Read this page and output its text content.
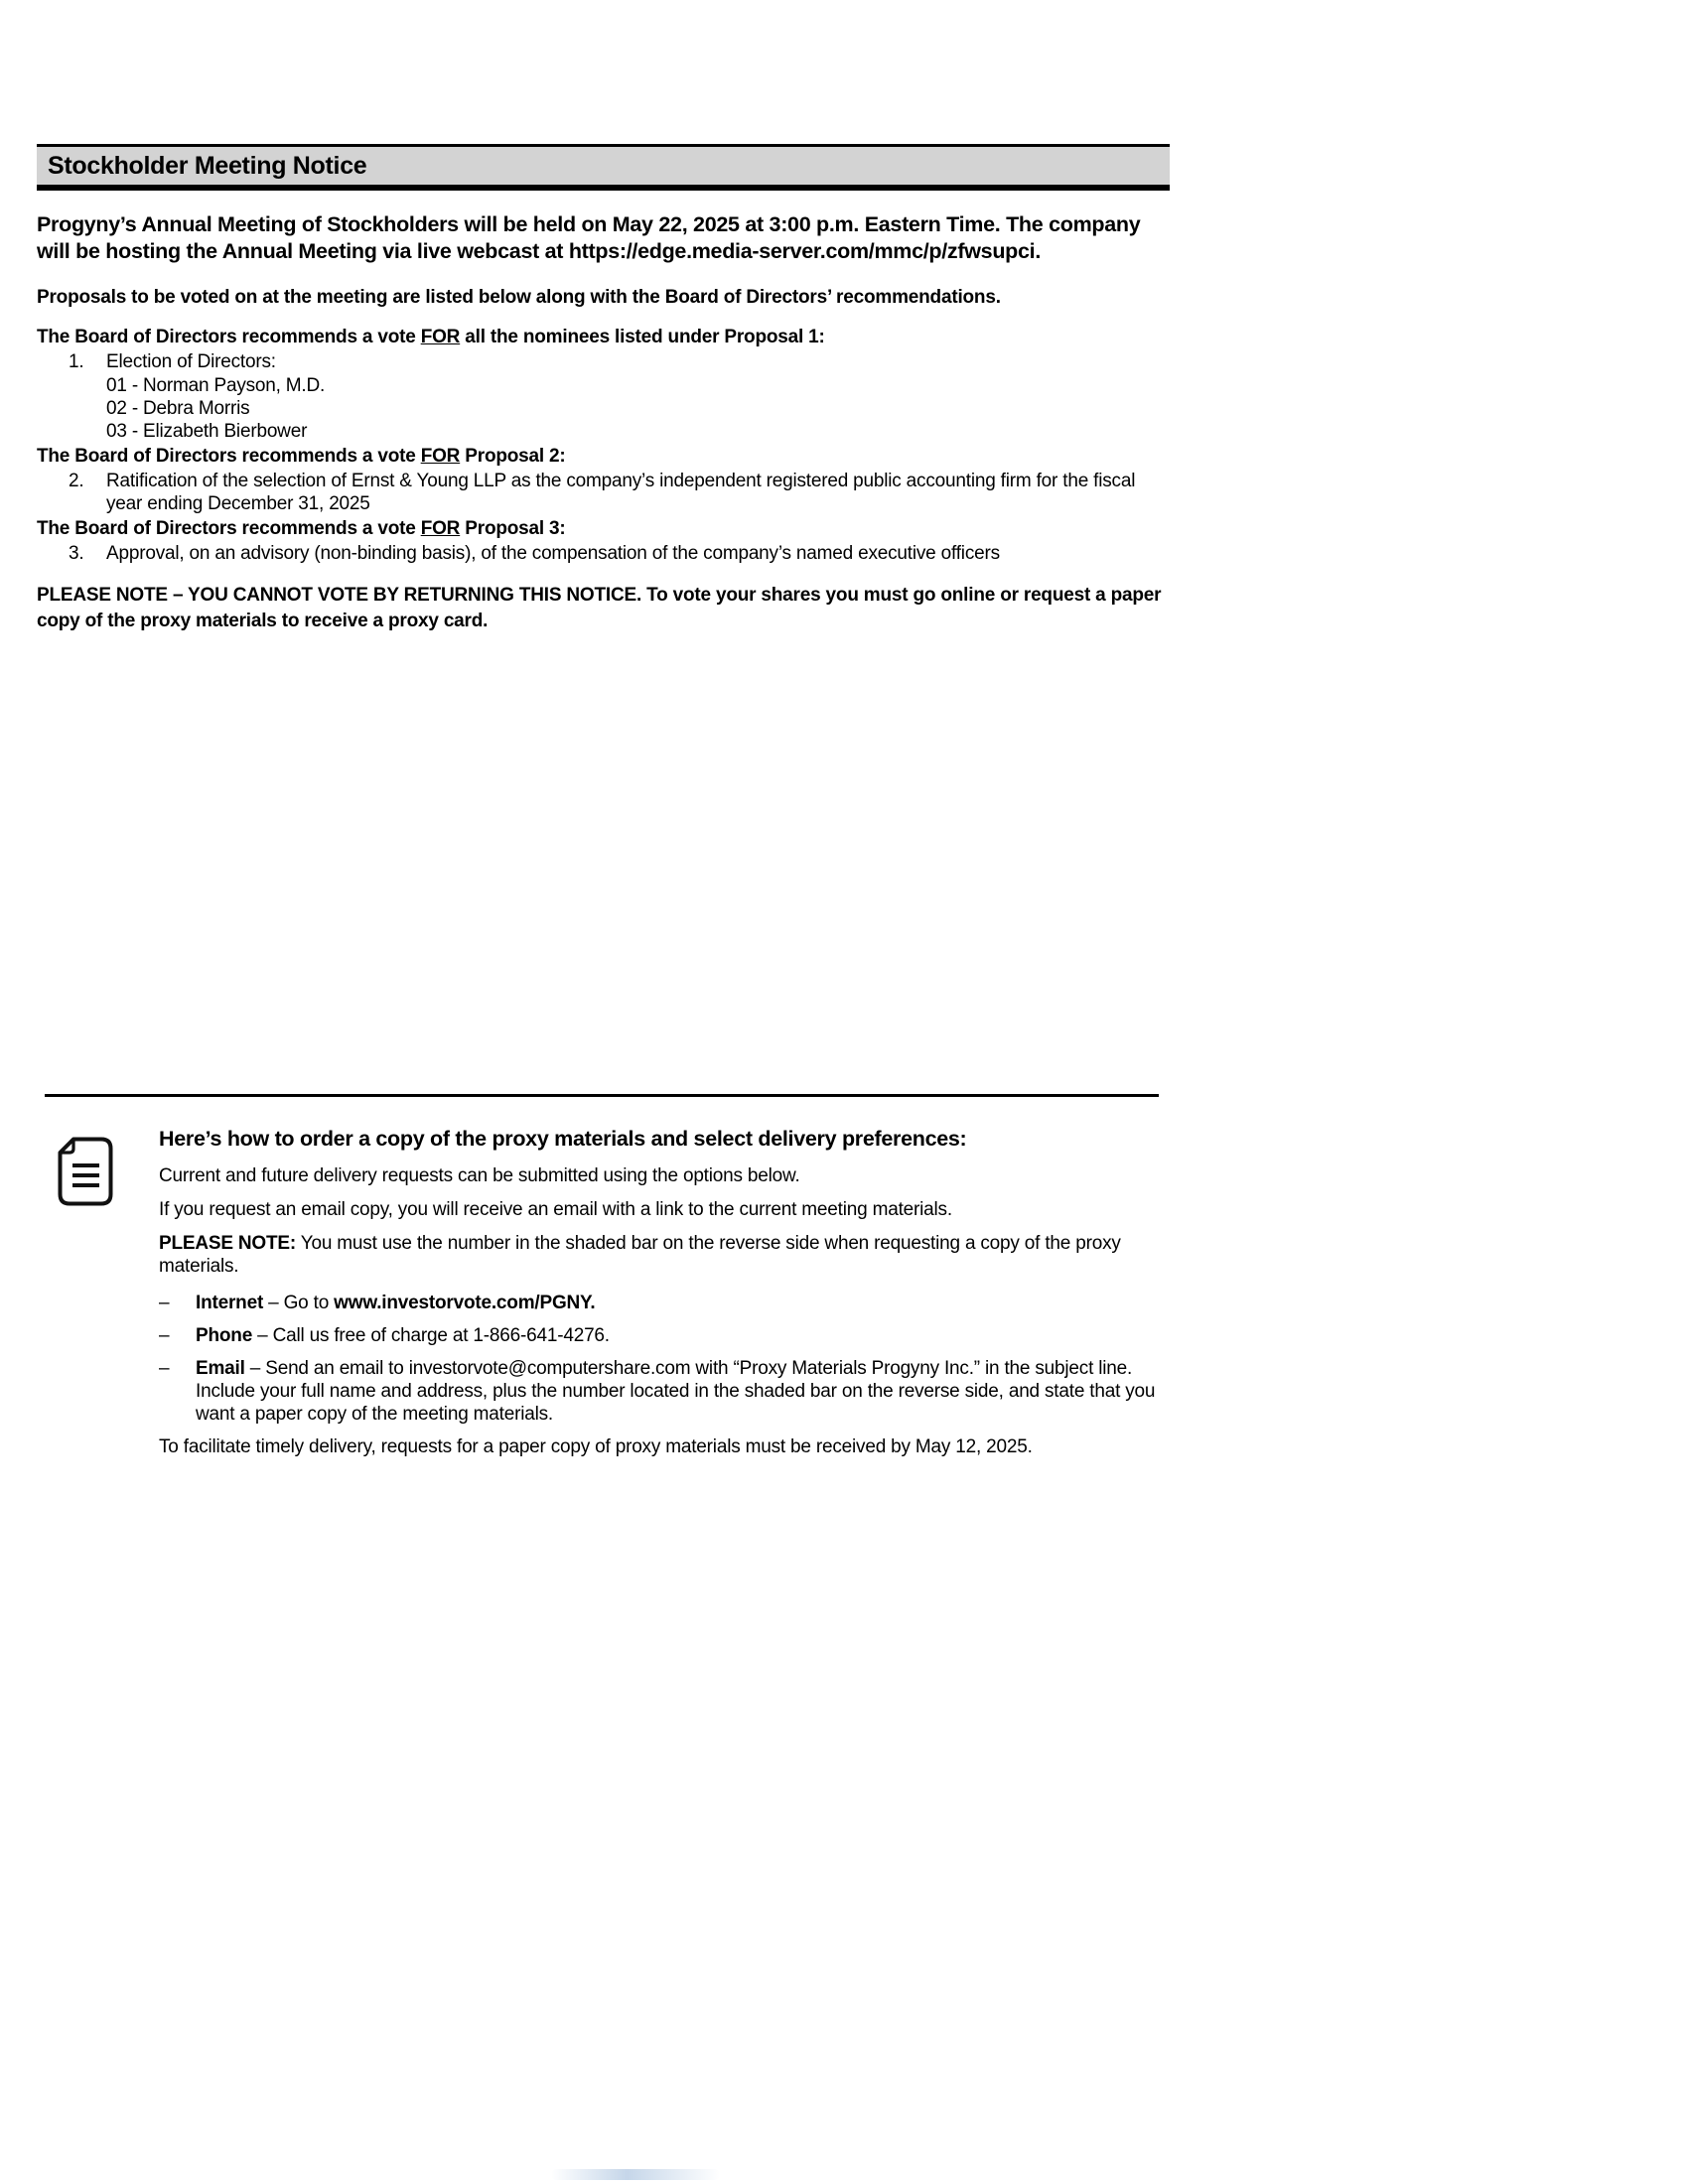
Stockholder Meeting Notice

Progyny’s Annual Meeting of Stockholders will be held on May 22, 2025 at 3:00 p.m. Eastern Time. The company will be hosting the Annual Meeting via live webcast at https://edge.media-server.com/mmc/p/zfwsupci.

Proposals to be voted on at the meeting are listed below along with the Board of Directors’ recommendations.

The Board of Directors recommends a vote FOR all the nominees listed under Proposal 1:

1.	Election of Directors:
01 - Norman Payson, M.D.
02 - Debra Morris
03 - Elizabeth Bierbower

The Board of Directors recommends a vote FOR Proposal 2:

2.	Ratification of the selection of Ernst & Young LLP as the company’s independent registered public accounting firm for the fiscal year ending December 31, 2025

The Board of Directors recommends a vote FOR Proposal 3:

3.	Approval, on an advisory (non-binding basis), of the compensation of the company’s named executive officers

PLEASE NOTE – YOU CANNOT VOTE BY RETURNING THIS NOTICE. To vote your shares you must go online or request a paper copy of the proxy materials to receive a proxy card.

Here’s how to order a copy of the proxy materials and select delivery preferences:

Current and future delivery requests can be submitted using the options below.

If you request an email copy, you will receive an email with a link to the current meeting materials.

PLEASE NOTE: You must use the number in the shaded bar on the reverse side when requesting a copy of the proxy materials.

–	Internet – Go to www.investorvote.com/PGNY.
–	Phone – Call us free of charge at 1-866-641-4276.
–	Email – Send an email to investorvote@computershare.com with “Proxy Materials Progyny Inc.” in the subject line. Include your full name and address, plus the number located in the shaded bar on the reverse side, and state that you want a paper copy of the meeting materials.

To facilitate timely delivery, requests for a paper copy of proxy materials must be received by May 12, 2025.
